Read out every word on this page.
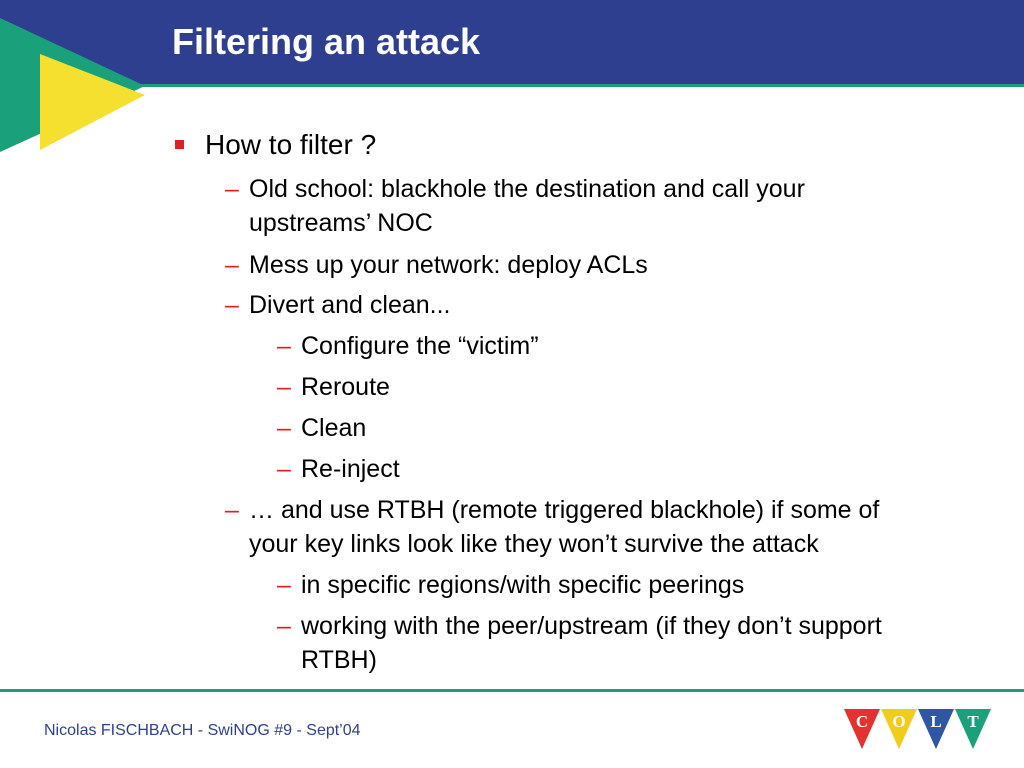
Filtering an attack
How to filter ?
– Old school: blackhole the destination and call your
upstreams’ NOC
– Mess up your network: deploy ACLs
– Divert and clean...
– Configure the “victim”
– Reroute
– Clean
– Re-inject
– … and use RTBH (remote triggered blackhole) if some of
your key links look like they won’t survive the attack
– in specific regions/with specific peerings
– working with the peer/upstream (if they don’t support
RTBH)
Nicolas FISCHBACH - SwiNOG #9 - Sept’04	C O L T
